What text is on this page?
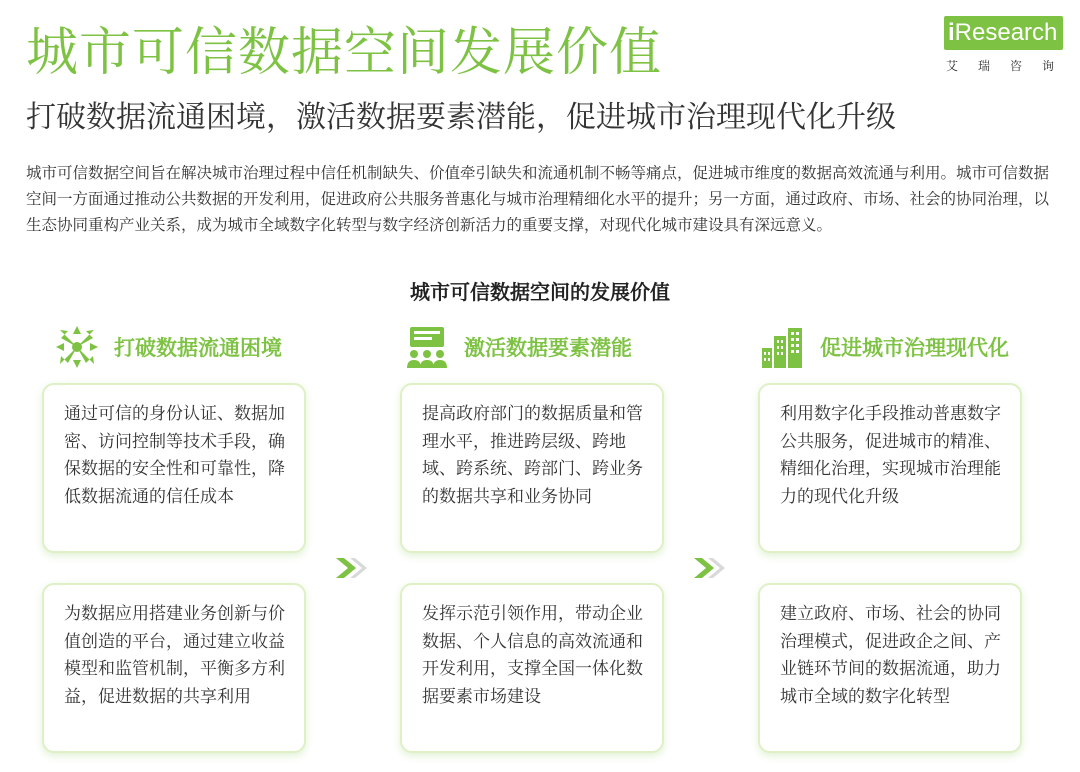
城市可信数据空间发展价值
打破数据流通困境，激活数据要素潜能，促进城市治理现代化升级
iResearch
艾瑞咨询

城市可信数据空间旨在解决城市治理过程中信任机制缺失、价值牵引缺失和流通机制不畅等痛点，促进城市维度的数据高效流通与利用。城市可信数据空间一方面通过推动公共数据的开发利用，促进政府公共服务普惠化与城市治理精细化水平的提升；另一方面，通过政府、市场、社会的协同治理，以生态协同重构产业关系，成为城市全域数字化转型与数字经济创新活力的重要支撑，对现代化城市建设具有深远意义。

城市可信数据空间的发展价值
打破数据流通困境	激活数据要素潜能	促进城市治理现代化
通过可信的身份认证、数据加密、访问控制等技术手段，确保数据的安全性和可靠性，降低数据流通的信任成本
提高政府部门的数据质量和管理水平，推进跨层级、跨地域、跨系统、跨部门、跨业务的数据共享和业务协同
利用数字化手段推动普惠数字公共服务，促进城市的精准、精细化治理，实现城市治理能力的现代化升级
为数据应用搭建业务创新与价值创造的平台，通过建立收益模型和监管机制，平衡多方利益，促进数据的共享利用
发挥示范引领作用，带动企业数据、个人信息的高效流通和开发利用，支撑全国一体化数据要素市场建设
建立政府、市场、社会的协同治理模式，促进政企之间、产业链环节间的数据流通，助力城市全域的数字化转型
